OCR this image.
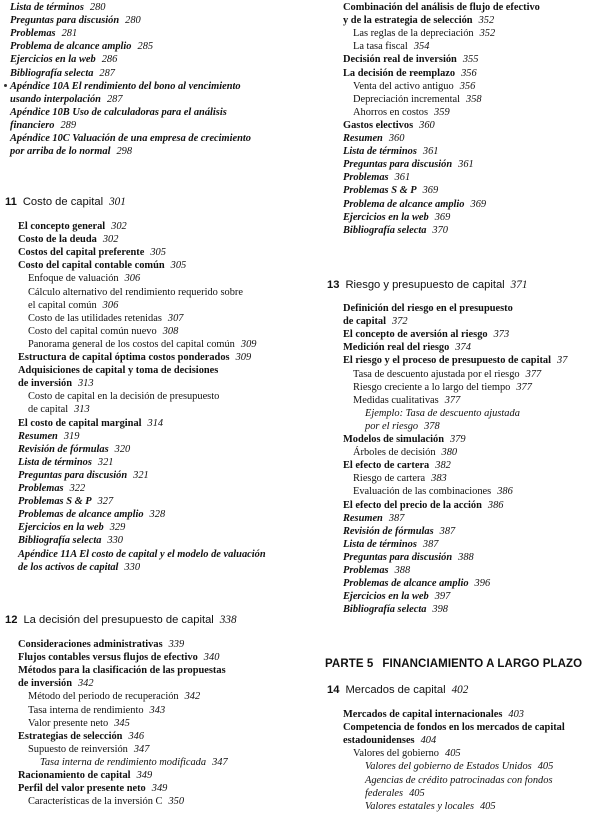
Lista de términos 280
Preguntas para discusión 280
Problemas 281
Problema de alcance amplio 285
Ejercicios en la web 286
Bibliografía selecta 287
Apéndice 10A El rendimiento del bono al vencimiento
usando interpolación 287
Apéndice 10B Uso de calculadoras para el análisis
financiero 289
Apéndice 10C Valuación de una empresa de crecimiento
por arriba de lo normal 298
11 Costo de capital 301
El concepto general 302
Costo de la deuda 302
Costos del capital preferente 305
Costo del capital contable común 305
Enfoque de valuación 306
Cálculo alternativo del rendimiento requerido sobre
el capital común 306
Costo de las utilidades retenidas 307
Costo del capital común nuevo 308
Panorama general de los costos del capital común 309
Estructura de capital óptima costos ponderados 309
Adquisiciones de capital y toma de decisiones
de inversión 313
Costo de capital en la decisión de presupuesto
de capital 313
El costo de capital marginal 314
Resumen 319
Revisión de fórmulas 320
Lista de términos 321
Preguntas para discusión 321
Problemas 322
Problemas S & P 327
Problemas de alcance amplio 328
Ejercicios en la web 329
Bibliografía selecta 330
Apéndice 11A El costo de capital y el modelo de valuación
de los activos de capital 330
12 La decisión del presupuesto de capital 338
Consideraciones administrativas 339
Flujos contables versus flujos de efectivo 340
Métodos para la clasificación de las propuestas
de inversión 342
Método del periodo de recuperación 342
Tasa interna de rendimiento 343
Valor presente neto 345
Estrategias de selección 346
Supuesto de reinversión 347
Tasa interna de rendimiento modificada 347
Racionamiento de capital 349
Perfil del valor presente neto 349
Características de la inversión C 350
Combinación del análisis de flujo de efectivo
y de la estrategia de selección 352
Las reglas de la depreciación 352
La tasa fiscal 354
Decisión real de inversión 355
La decisión de reemplazo 356
Venta del activo antiguo 356
Depreciación incremental 358
Ahorros en costos 359
Gastos electivos 360
Resumen 360
Lista de términos 361
Preguntas para discusión 361
Problemas 361
Problemas S & P 369
Problema de alcance amplio 369
Ejercicios en la web 369
Bibliografía selecta 370
13 Riesgo y presupuesto de capital 371
Definición del riesgo en el presupuesto
de capital 372
El concepto de aversión al riesgo 373
Medición real del riesgo 374
El riesgo y el proceso de presupuesto de capital 37
Tasa de descuento ajustada por el riesgo 377
Riesgo creciente a lo largo del tiempo 377
Medidas cualitativas 377
Ejemplo: Tasa de descuento ajustada
por el riesgo 378
Modelos de simulación 379
Árboles de decisión 380
El efecto de cartera 382
Riesgo de cartera 383
Evaluación de las combinaciones 386
El efecto del precio de la acción 386
Resumen 387
Revisión de fórmulas 387
Lista de términos 387
Preguntas para discusión 388
Problemas 388
Problemas de alcance amplio 396
Ejercicios en la web 397
Bibliografía selecta 398
PARTE 5 FINANCIAMIENTO A LARGO PLAZO
14 Mercados de capital 402
Mercados de capital internacionales 403
Competencia de fondos en los mercados de capital
estadounidenses 404
Valores del gobierno 405
Valores del gobierno de Estados Unidos 405
Agencias de crédito patrocinadas con fondos
federales 405
Valores estatales y locales 405
